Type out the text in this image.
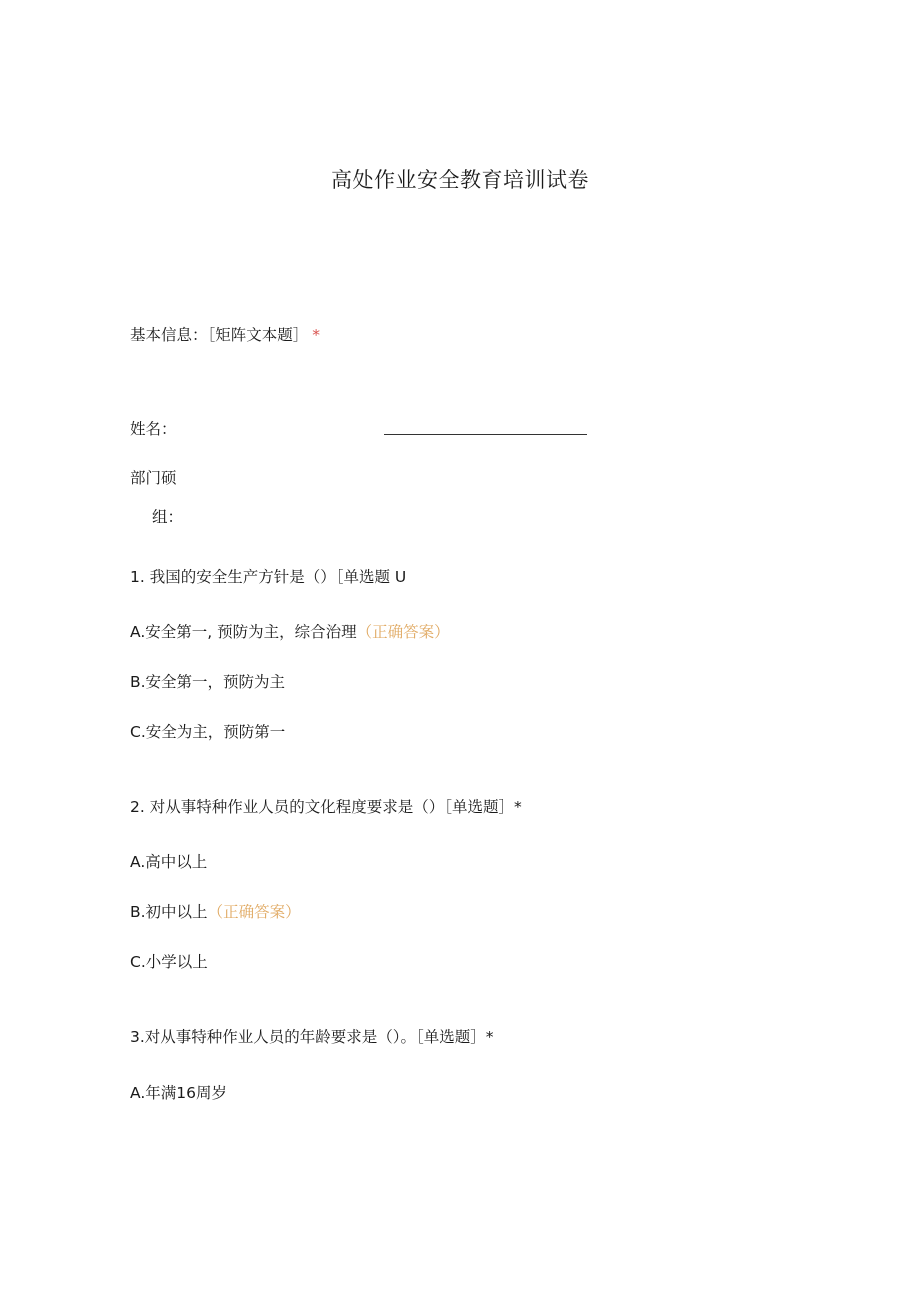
高处作业安全教育培训试卷
基本信息：［矩阵文本题］ *
姓名：
部门硕
组：
1. 我国的安全生产方针是（）［单选题 U
A.安全第一, 预防为主，综合治理（正确答案）
B.安全第一，预防为主
C.安全为主，预防第一
2. 对从事特种作业人员的文化程度要求是（）［单选题］*
A.高中以上
B.初中以上（正确答案）
C.小学以上
3.对从事特种作业人员的年龄要求是（）。［单选题］*
A.年满16周岁
